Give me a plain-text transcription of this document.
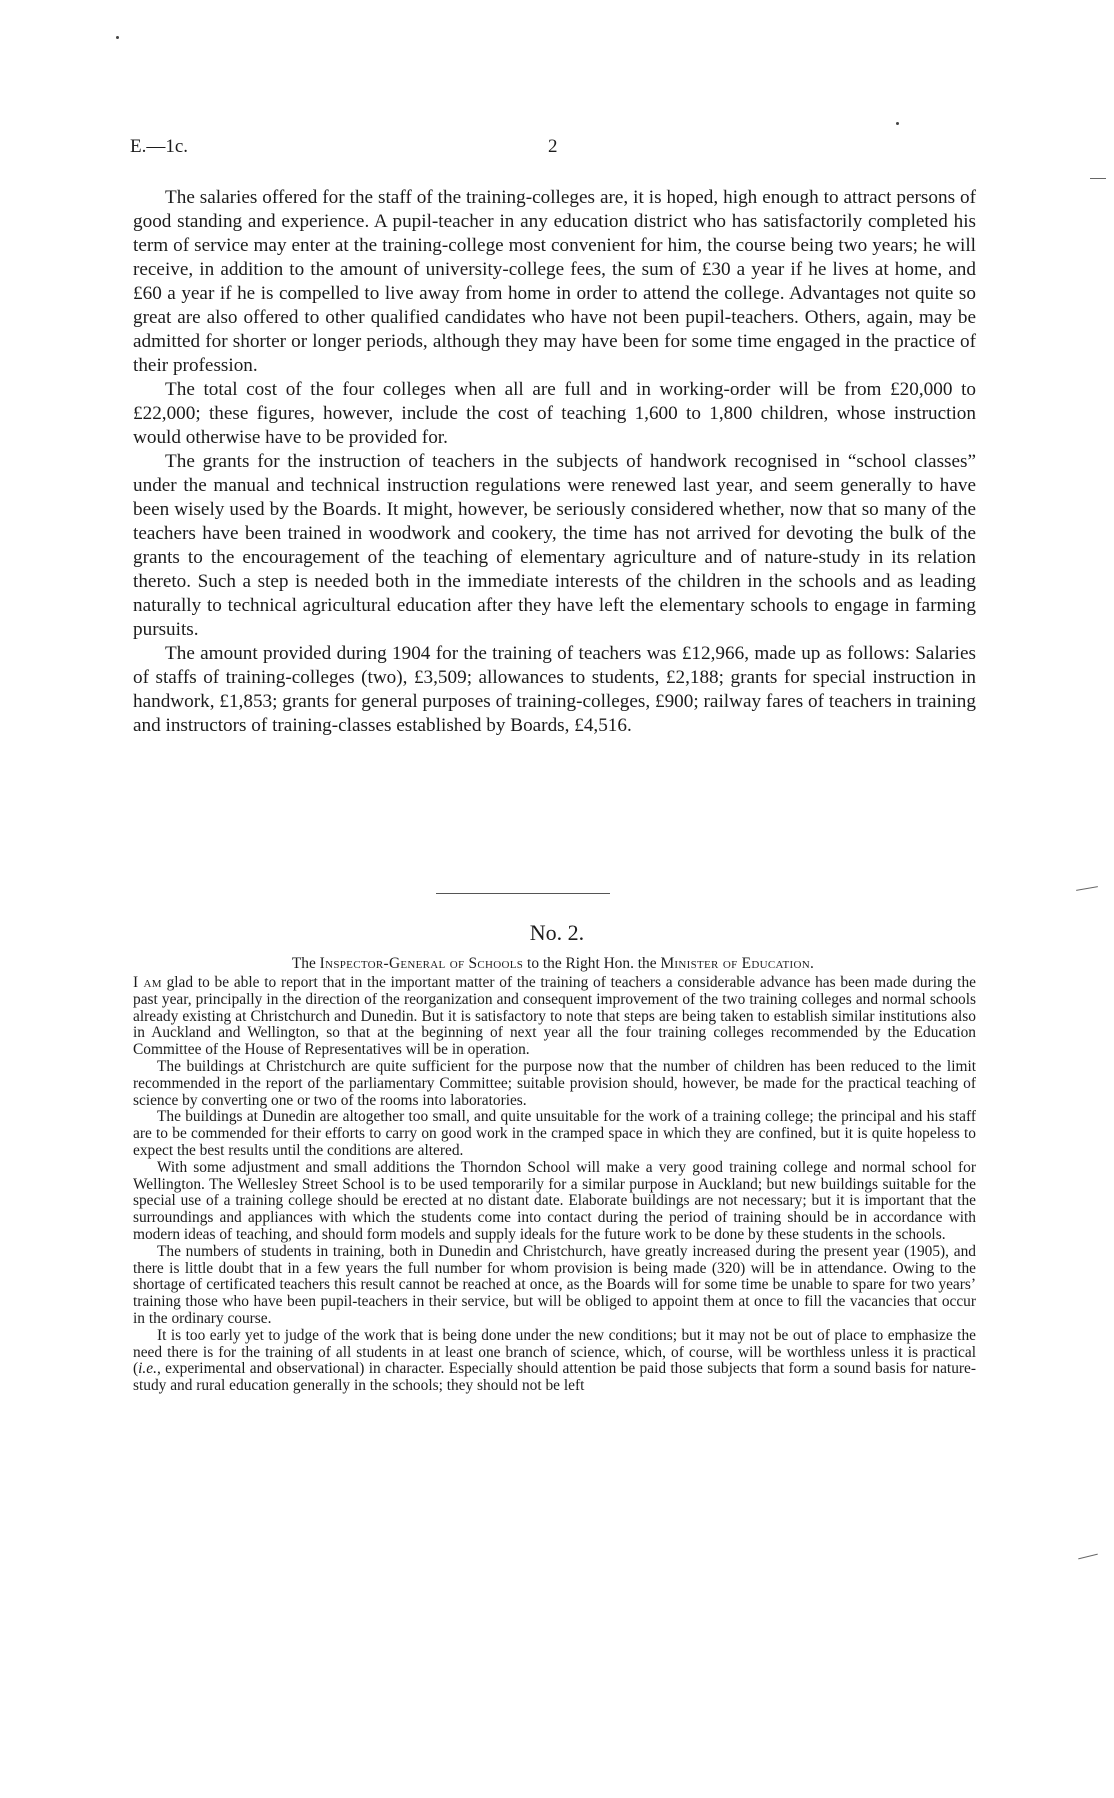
E.—1c.	2

The salaries offered for the staff of the training-colleges are, it is hoped, high enough to attract persons of good standing and experience. A pupil-teacher in any education district who has satisfactorily completed his term of service may enter at the training-college most convenient for him, the course being two years; he will receive, in addition to the amount of university-college fees, the sum of £30 a year if he lives at home, and £60 a year if he is compelled to live away from home in order to attend the college. Advantages not quite so great are also offered to other qualified candidates who have not been pupil-teachers. Others, again, may be admitted for shorter or longer periods, although they may have been for some time engaged in the practice of their profession.

The total cost of the four colleges when all are full and in working-order will be from £20,000 to £22,000; these figures, however, include the cost of teaching 1,600 to 1,800 children, whose instruction would otherwise have to be provided for.

The grants for the instruction of teachers in the subjects of handwork recognised in “school classes” under the manual and technical instruction regulations were renewed last year, and seem generally to have been wisely used by the Boards. It might, however, be seriously considered whether, now that so many of the teachers have been trained in woodwork and cookery, the time has not arrived for devoting the bulk of the grants to the encouragement of the teaching of elementary agriculture and of nature-study in its relation thereto. Such a step is needed both in the immediate interests of the children in the schools and as leading naturally to technical agricultural education after they have left the elementary schools to engage in farming pursuits.

The amount provided during 1904 for the training of teachers was £12,966, made up as follows: Salaries of staffs of training-colleges (two), £3,509; allowances to students, £2,188; grants for special instruction in handwork, £1,853; grants for general purposes of training-colleges, £900; railway fares of teachers in training and instructors of training-classes established by Boards, £4,516.

No. 2.
The Inspector-General of Schools to the Right Hon. the Minister of Education.

I am glad to be able to report that in the important matter of the training of teachers a considerable advance has been made during the past year, principally in the direction of the reorganization and consequent improvement of the two training colleges and normal schools already existing at Christchurch and Dunedin. But it is satisfactory to note that steps are being taken to establish similar institutions also in Auckland and Wellington, so that at the beginning of next year all the four training colleges recommended by the Education Committee of the House of Representatives will be in operation.

The buildings at Christchurch are quite sufficient for the purpose now that the number of children has been reduced to the limit recommended in the report of the parliamentary Committee; suitable provision should, however, be made for the practical teaching of science by converting one or two of the rooms into laboratories.

The buildings at Dunedin are altogether too small, and quite unsuitable for the work of a training college; the principal and his staff are to be commended for their efforts to carry on good work in the cramped space in which they are confined, but it is quite hopeless to expect the best results until the conditions are altered.

With some adjustment and small additions the Thorndon School will make a very good training college and normal school for Wellington. The Wellesley Street School is to be used temporarily for a similar purpose in Auckland; but new buildings suitable for the special use of a training college should be erected at no distant date. Elaborate buildings are not necessary; but it is important that the surroundings and appliances with which the students come into contact during the period of training should be in accordance with modern ideas of teaching, and should form models and supply ideals for the future work to be done by these students in the schools.

The numbers of students in training, both in Dunedin and Christchurch, have greatly increased during the present year (1905), and there is little doubt that in a few years the full number for whom provision is being made (320) will be in attendance. Owing to the shortage of certificated teachers this result cannot be reached at once, as the Boards will for some time be unable to spare for two years’ training those who have been pupil-teachers in their service, but will be obliged to appoint them at once to fill the vacancies that occur in the ordinary course.

It is too early yet to judge of the work that is being done under the new conditions; but it may not be out of place to emphasize the need there is for the training of all students in at least one branch of science, which, of course, will be worthless unless it is practical (i.e., experimental and observational) in character. Especially should attention be paid those subjects that form a sound basis for nature-study and rural education generally in the schools; they should not be left
